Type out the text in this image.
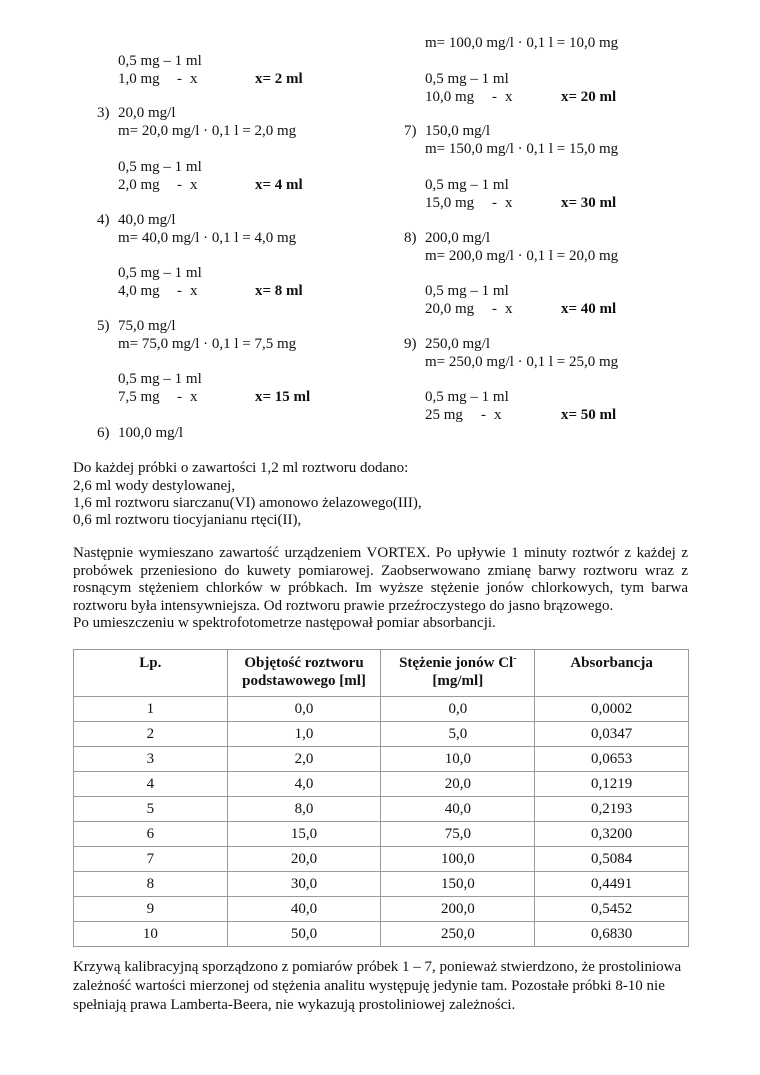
m= 100,0 mg/l · 0,1 l = 10,0 mg
0,5 mg – 1 ml
1,0 mg - x	x= 2 ml	0,5 mg – 1 ml
10,0 mg - x	x= 20 ml
3) 20,0 mg/l
m= 20,0 mg/l · 0,1 l = 2,0 mg
0,5 mg – 1 ml
2,0 mg - x	x= 4 ml
4) 40,0 mg/l
m= 40,0 mg/l · 0,1 l = 4,0 mg
0,5 mg – 1 ml
4,0 mg - x	x= 8 ml
5) 75,0 mg/l
m= 75,0 mg/l · 0,1 l = 7,5 mg
0,5 mg – 1 ml
7,5 mg - x	x= 15 ml
6) 100,0 mg/l
7) 150,0 mg/l
m= 150,0 mg/l · 0,1 l = 15,0 mg
0,5 mg – 1 ml
15,0 mg - x	x= 30 ml
8) 200,0 mg/l
m= 200,0 mg/l · 0,1 l = 20,0 mg
0,5 mg – 1 ml
20,0 mg - x	x= 40 ml
9) 250,0 mg/l
m= 250,0 mg/l · 0,1 l = 25,0 mg
0,5 mg – 1 ml
25 mg - x	x= 50 ml
Do każdej próbki o zawartości 1,2 ml roztworu dodano:
2,6 ml wody destylowanej,
1,6 ml roztworu siarczanu(VI) amonowo żelazowego(III),
0,6 ml roztworu tiocyjanianu rtęci(II),

Następnie wymieszano zawartość urządzeniem VORTEX. Po upływie 1 minuty roztwór z każdej z probówek przeniesiono do kuwety pomiarowej. Zaobserwowano zmianę barwy roztworu wraz z rosnącym stężeniem chlorków w próbkach. Im wyższe stężenie jonów chlorkowych, tym barwa roztworu była intensywniejsza. Od roztworu prawie przeźroczystego do jasno brązowego.

Po umieszczeniu w spektrofotometrze następował pomiar absorbancji.

Lp.	Objętość roztworu podstawowego [ml]	Stężenie jonów Cl-
[mg/ml]	Absorbancja
1	0,0	0,0	0,0002
2	1,0	5,0	0,0347
3	2,0	10,0	0,0653
4	4,0	20,0	0,1219
5	8,0	40,0	0,2193
6	15,0	75,0	0,3200
7	20,0	100,0	0,5084
8	30,0	150,0	0,4491
9	40,0	200,0	0,5452
10	50,0	250,0	0,6830

Krzywą kalibracyjną sporządzono z pomiarów próbek 1 – 7, ponieważ stwierdzono, że prostoliniowa zależność wartości mierzonej od stężenia analitu występuję jedynie tam. Pozostałe próbki 8-10 nie spełniają prawa Lamberta-Beera, nie wykazują prostoliniowej zależności.
